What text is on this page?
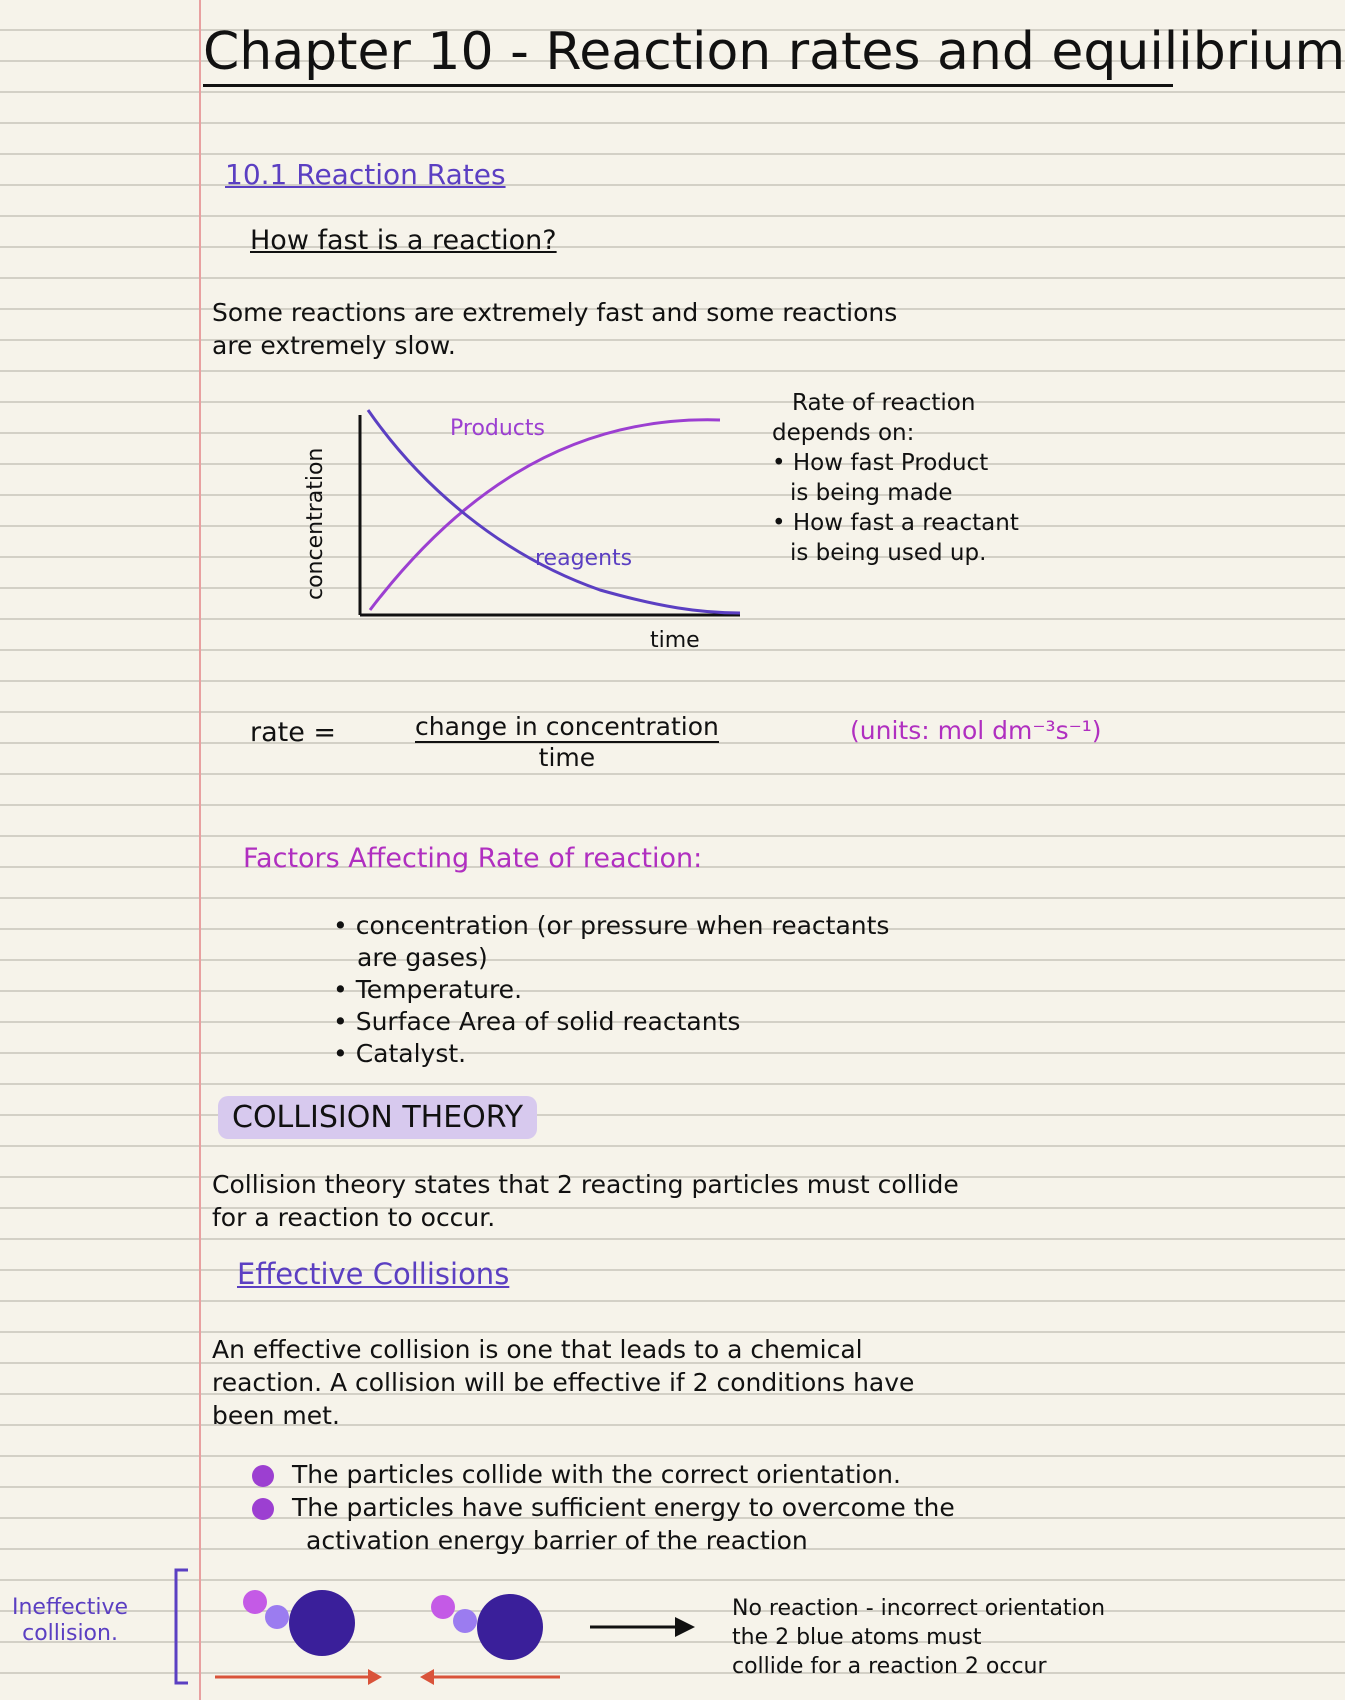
Chapter 10 - Reaction rates and equilibrium
10.1 Reaction Rates
How fast is a reaction?
Some reactions are extremely fast and some reactions
are extremely slow.
Products
reagents
time
concentration
Rate of reaction
depends on:
• How fast Product
is being made
• How fast a reactant
is being used up.
rate =	change in concentration
time
(units: mol dm⁻³s⁻¹)
Factors Affecting Rate of reaction:
• concentration (or pressure when reactants
are gases)
• Temperature.
• Surface Area of solid reactants
• Catalyst.
COLLISION THEORY
Collision theory states that 2 reacting particles must collide
for a reaction to occur.
Effective Collisions
An effective collision is one that leads to a chemical
reaction. A collision will be effective if 2 conditions have
been met.
The particles collide with the correct orientation.
The particles have sufficient energy to overcome the
activation energy barrier of the reaction
Ineffective
collision.
No reaction - incorrect orientation
the 2 blue atoms must
collide for a reaction 2 occur
